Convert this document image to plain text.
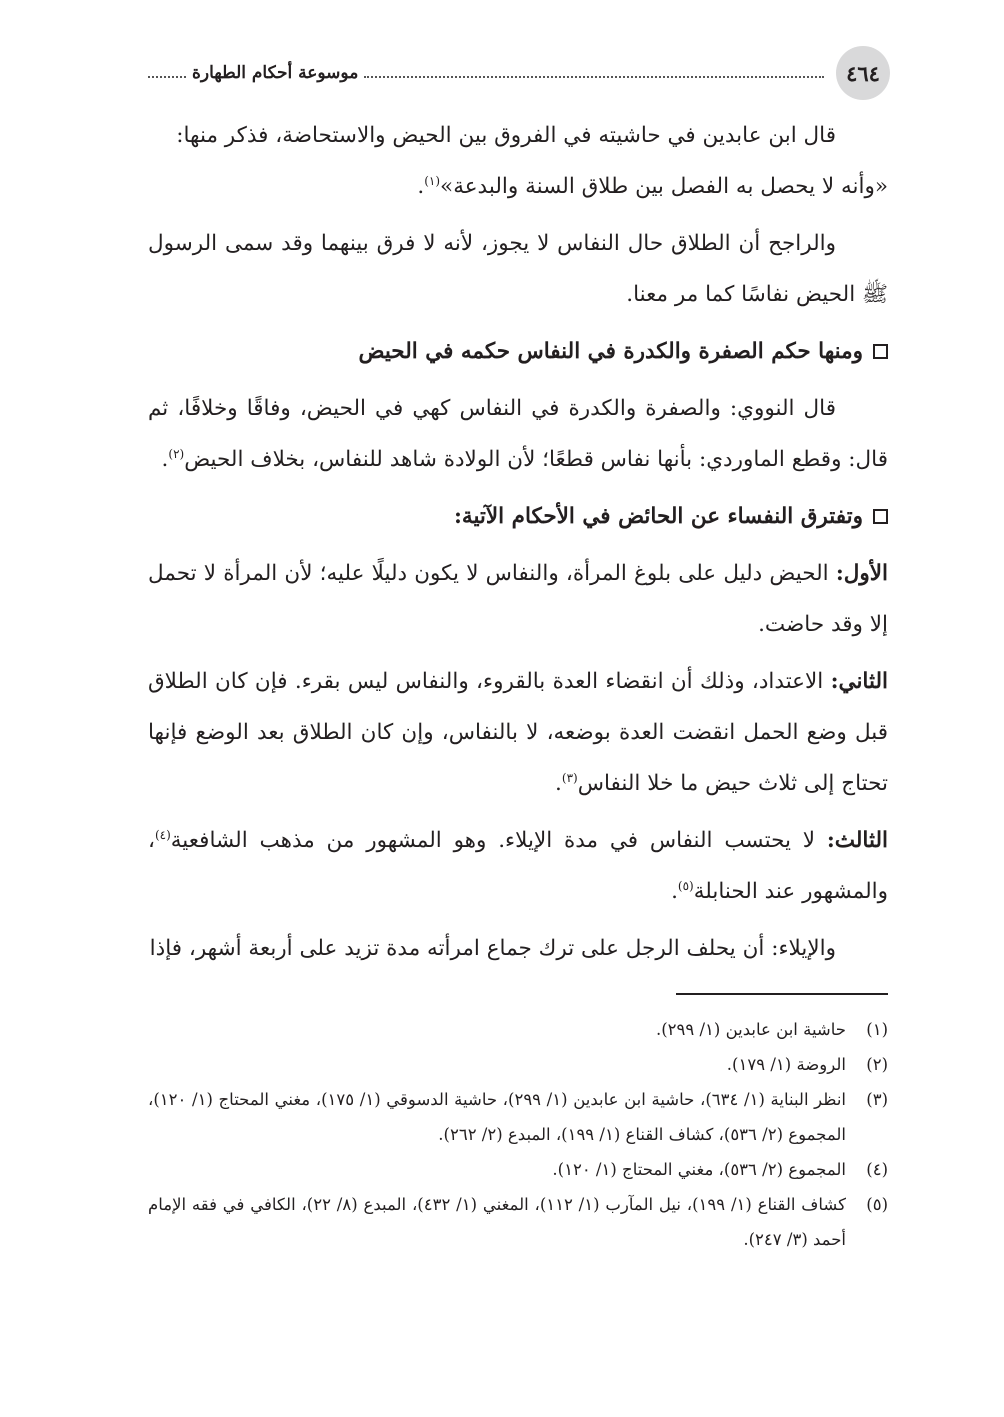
٤٦٤
موسوعة أحكام الطهارة

قال ابن عابدين في حاشيته في الفروق بين الحيض والاستحاضة، فذكر منها:
«وأنه لا يحصل به الفصل بين طلاق السنة والبدعة»$^{(١)}$.

والراجح أن الطلاق حال النفاس لا يجوز، لأنه لا فرق بينهما وقد سمى الرسول ﷺ الحيض نفاسًا كما مر معنا.

ومنها حكم الصفرة والكدرة في النفاس حكمه في الحيض

قال النووي: والصفرة والكدرة في النفاس كهي في الحيض، وفاقًا وخلافًا، ثم قال: وقطع الماوردي: بأنها نفاس قطعًا؛ لأن الولادة شاهد للنفاس، بخلاف الحيض$^{(٢)}$.

وتفترق النفساء عن الحائض في الأحكام الآتية:

الأول: الحيض دليل على بلوغ المرأة، والنفاس لا يكون دليلًا عليه؛ لأن المرأة لا تحمل إلا وقد حاضت.

الثاني: الاعتداد، وذلك أن انقضاء العدة بالقروء، والنفاس ليس بقرء. فإن كان الطلاق قبل وضع الحمل انقضت العدة بوضعه، لا بالنفاس، وإن كان الطلاق بعد الوضع فإنها تحتاج إلى ثلاث حيض ما خلا النفاس$^{(٣)}$.

الثالث: لا يحتسب النفاس في مدة الإيلاء. وهو المشهور من مذهب الشافعية$^{(٤)}$، والمشهور عند الحنابلة$^{(٥)}$.

والإيلاء: أن يحلف الرجل على ترك جماع امرأته مدة تزيد على أربعة أشهر، فإذا

(١)
حاشية ابن عابدين (١/ ٢٩٩).
(٢)
الروضة (١/ ١٧٩).
(٣)
انظر البناية (١/ ٦٣٤)، حاشية ابن عابدين (١/ ٢٩٩)، حاشية الدسوقي (١/ ١٧٥)، مغني المحتاج (١/ ١٢٠)، المجموع (٢/ ٥٣٦)، كشاف القناع (١/ ١٩٩)، المبدع (٢/ ٢٦٢).
(٤)
المجموع (٢/ ٥٣٦)، مغني المحتاج (١/ ١٢٠).
(٥)
كشاف القناع (١/ ١٩٩)، نيل المآرب (١/ ١١٢)، المغني (١/ ٤٣٢)، المبدع (٨/ ٢٢)، الكافي في فقه الإمام أحمد (٣/ ٢٤٧).
